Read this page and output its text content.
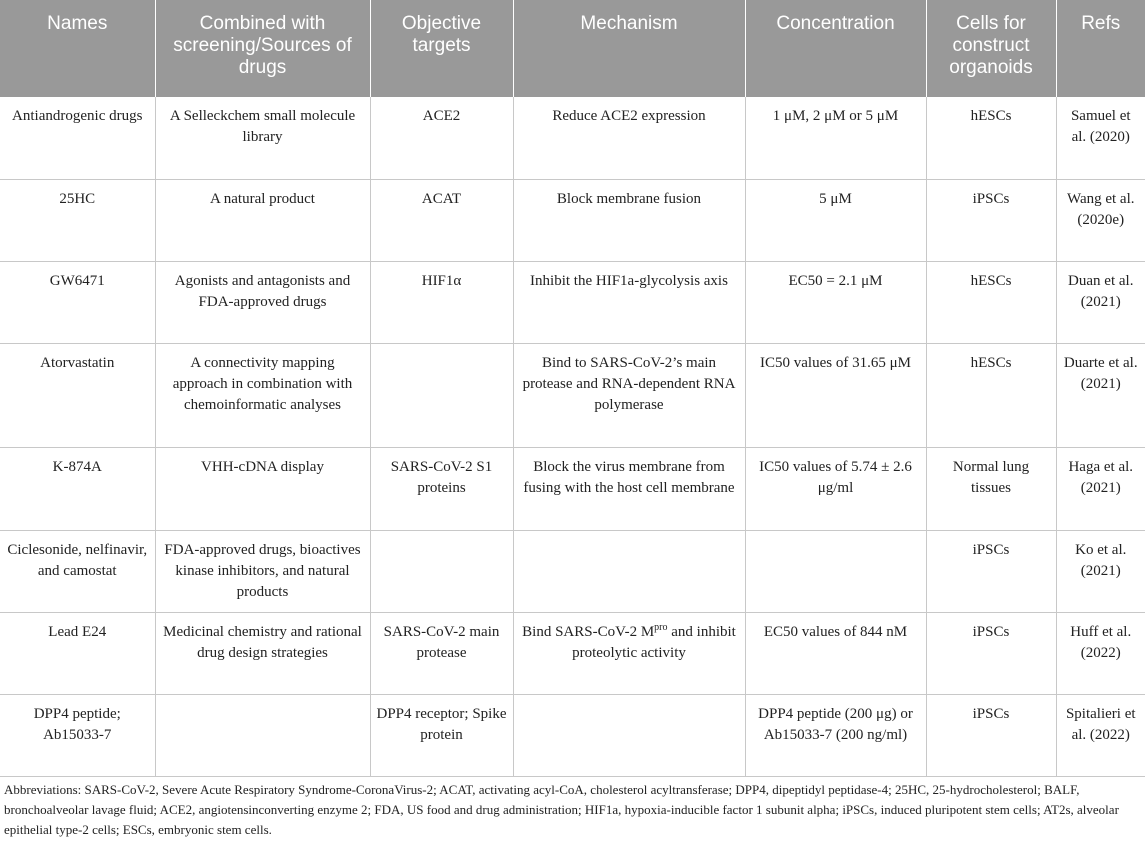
Names	Combined with screening/Sources of drugs	Objective targets	Mechanism	Concentration	Cells for construct organoids	Refs
Antiandrogenic drugs	A Selleckchem small molecule library	ACE2	Reduce ACE2 expression	1 μM, 2 μM or 5 μM	hESCs	Samuel et al. (2020)
25HC	A natural product	ACAT	Block membrane fusion	5 μM	iPSCs	Wang et al. (2020e)
GW6471	Agonists and antagonists and FDA-approved drugs	HIF1α	Inhibit the HIF1a-glycolysis axis	EC50 = 2.1 μM	hESCs	Duan et al. (2021)
Atorvastatin	A connectivity mapping approach in combination with chemoinformatic analyses		Bind to SARS-CoV-2’s main protease and RNA-dependent RNA polymerase	IC50 values of 31.65 μM	hESCs	Duarte et al. (2021)
K-874A	VHH-cDNA display	SARS-CoV-2 S1 proteins	Block the virus membrane from fusing with the host cell membrane	IC50 values of 5.74 ± 2.6 μg/ml	Normal lung tissues	Haga et al. (2021)
Ciclesonide, nelfinavir, and camostat	FDA-approved drugs, bioactives kinase inhibitors, and natural products				iPSCs	Ko et al. (2021)
Lead E24	Medicinal chemistry and rational drug design strategies	SARS-CoV-2 main protease	Bind SARS-CoV-2 $M^{pro}$ and inhibit proteolytic activity	EC50 values of 844 nM	iPSCs	Huff et al. (2022)
DPP4 peptide; Ab15033-7		DPP4 receptor; Spike protein		DPP4 peptide (200 μg) or Ab15033-7 (200 ng/ml)	iPSCs	Spitalieri et al. (2022)
Abbreviations: SARS-CoV-2, Severe Acute Respiratory Syndrome-CoronaVirus-2; ACAT, activating acyl-CoA, cholesterol acyltransferase; DPP4, dipeptidyl peptidase-4; 25HC, 25-hydrocholesterol; BALF, bronchoalveolar lavage fluid; ACE2, angiotensinconverting enzyme 2; FDA, US food and drug administration; HIF1a, hypoxia-inducible factor 1 subunit alpha; iPSCs, induced pluripotent stem cells; AT2s, alveolar epithelial type-2 cells; ESCs, embryonic stem cells.
